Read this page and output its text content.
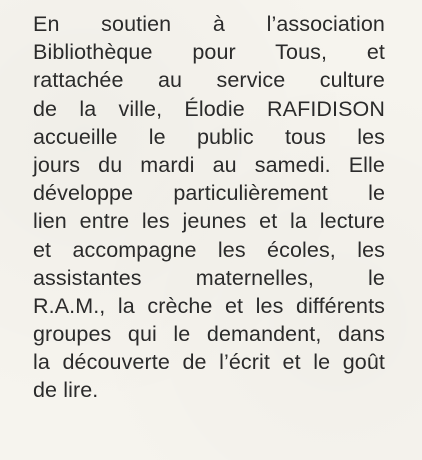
En soutien à l’association
Bibliothèque pour Tous, et
rattachée au service culture
de la ville, Élodie RAFIDISON
accueille le public tous les
jours du mardi au samedi. Elle
développe particulièrement le
lien entre les jeunes et la lecture
et accompagne les écoles, les
assistantes maternelles, le
R.A.M., la crèche et les différents
groupes qui le demandent, dans
la découverte de l’écrit et le goût
de lire.
